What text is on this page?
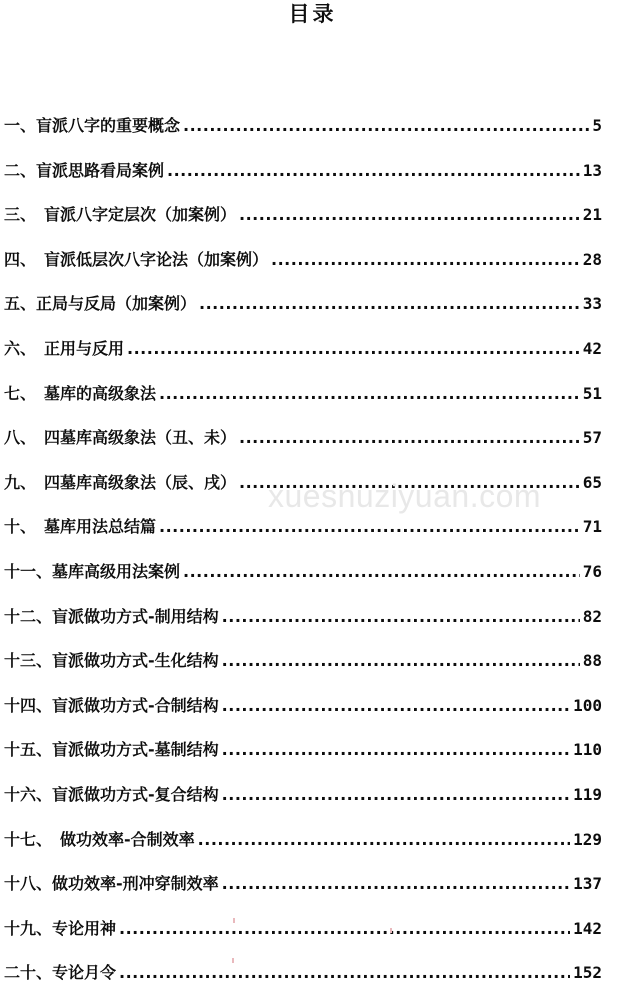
目录
一、盲派八字的重要概念 .....	5
二、盲派思路看局案例 .....	13
三、　盲派八字定层次（加案例） .....	21
四、　盲派低层次八字论法（加案例） .....	28
五、正局与反局（加案例） .....	33
六、　正用与反用 .....	42
七、　墓库的高级象法 .....	51
八、　四墓库高级象法（丑、未） .....	57
九、　四墓库高级象法（辰、戌） .....	65
十、　墓库用法总结篇 .....	71
十一、墓库高级用法案例 .....	76
十二、盲派做功方式-制用结构 .....	82
十三、盲派做功方式-生化结构 .....	88
十四、盲派做功方式-合制结构 .....	100
十五、盲派做功方式-墓制结构 .....	110
十六、盲派做功方式-复合结构 .....	119
十七、　做功效率-合制效率 .....	129
十八、做功效率-刑冲穿制效率 .....	137
十九、专论用神 .....	142
二十、专论月令 .....	152
xuesnuziyuan.com
